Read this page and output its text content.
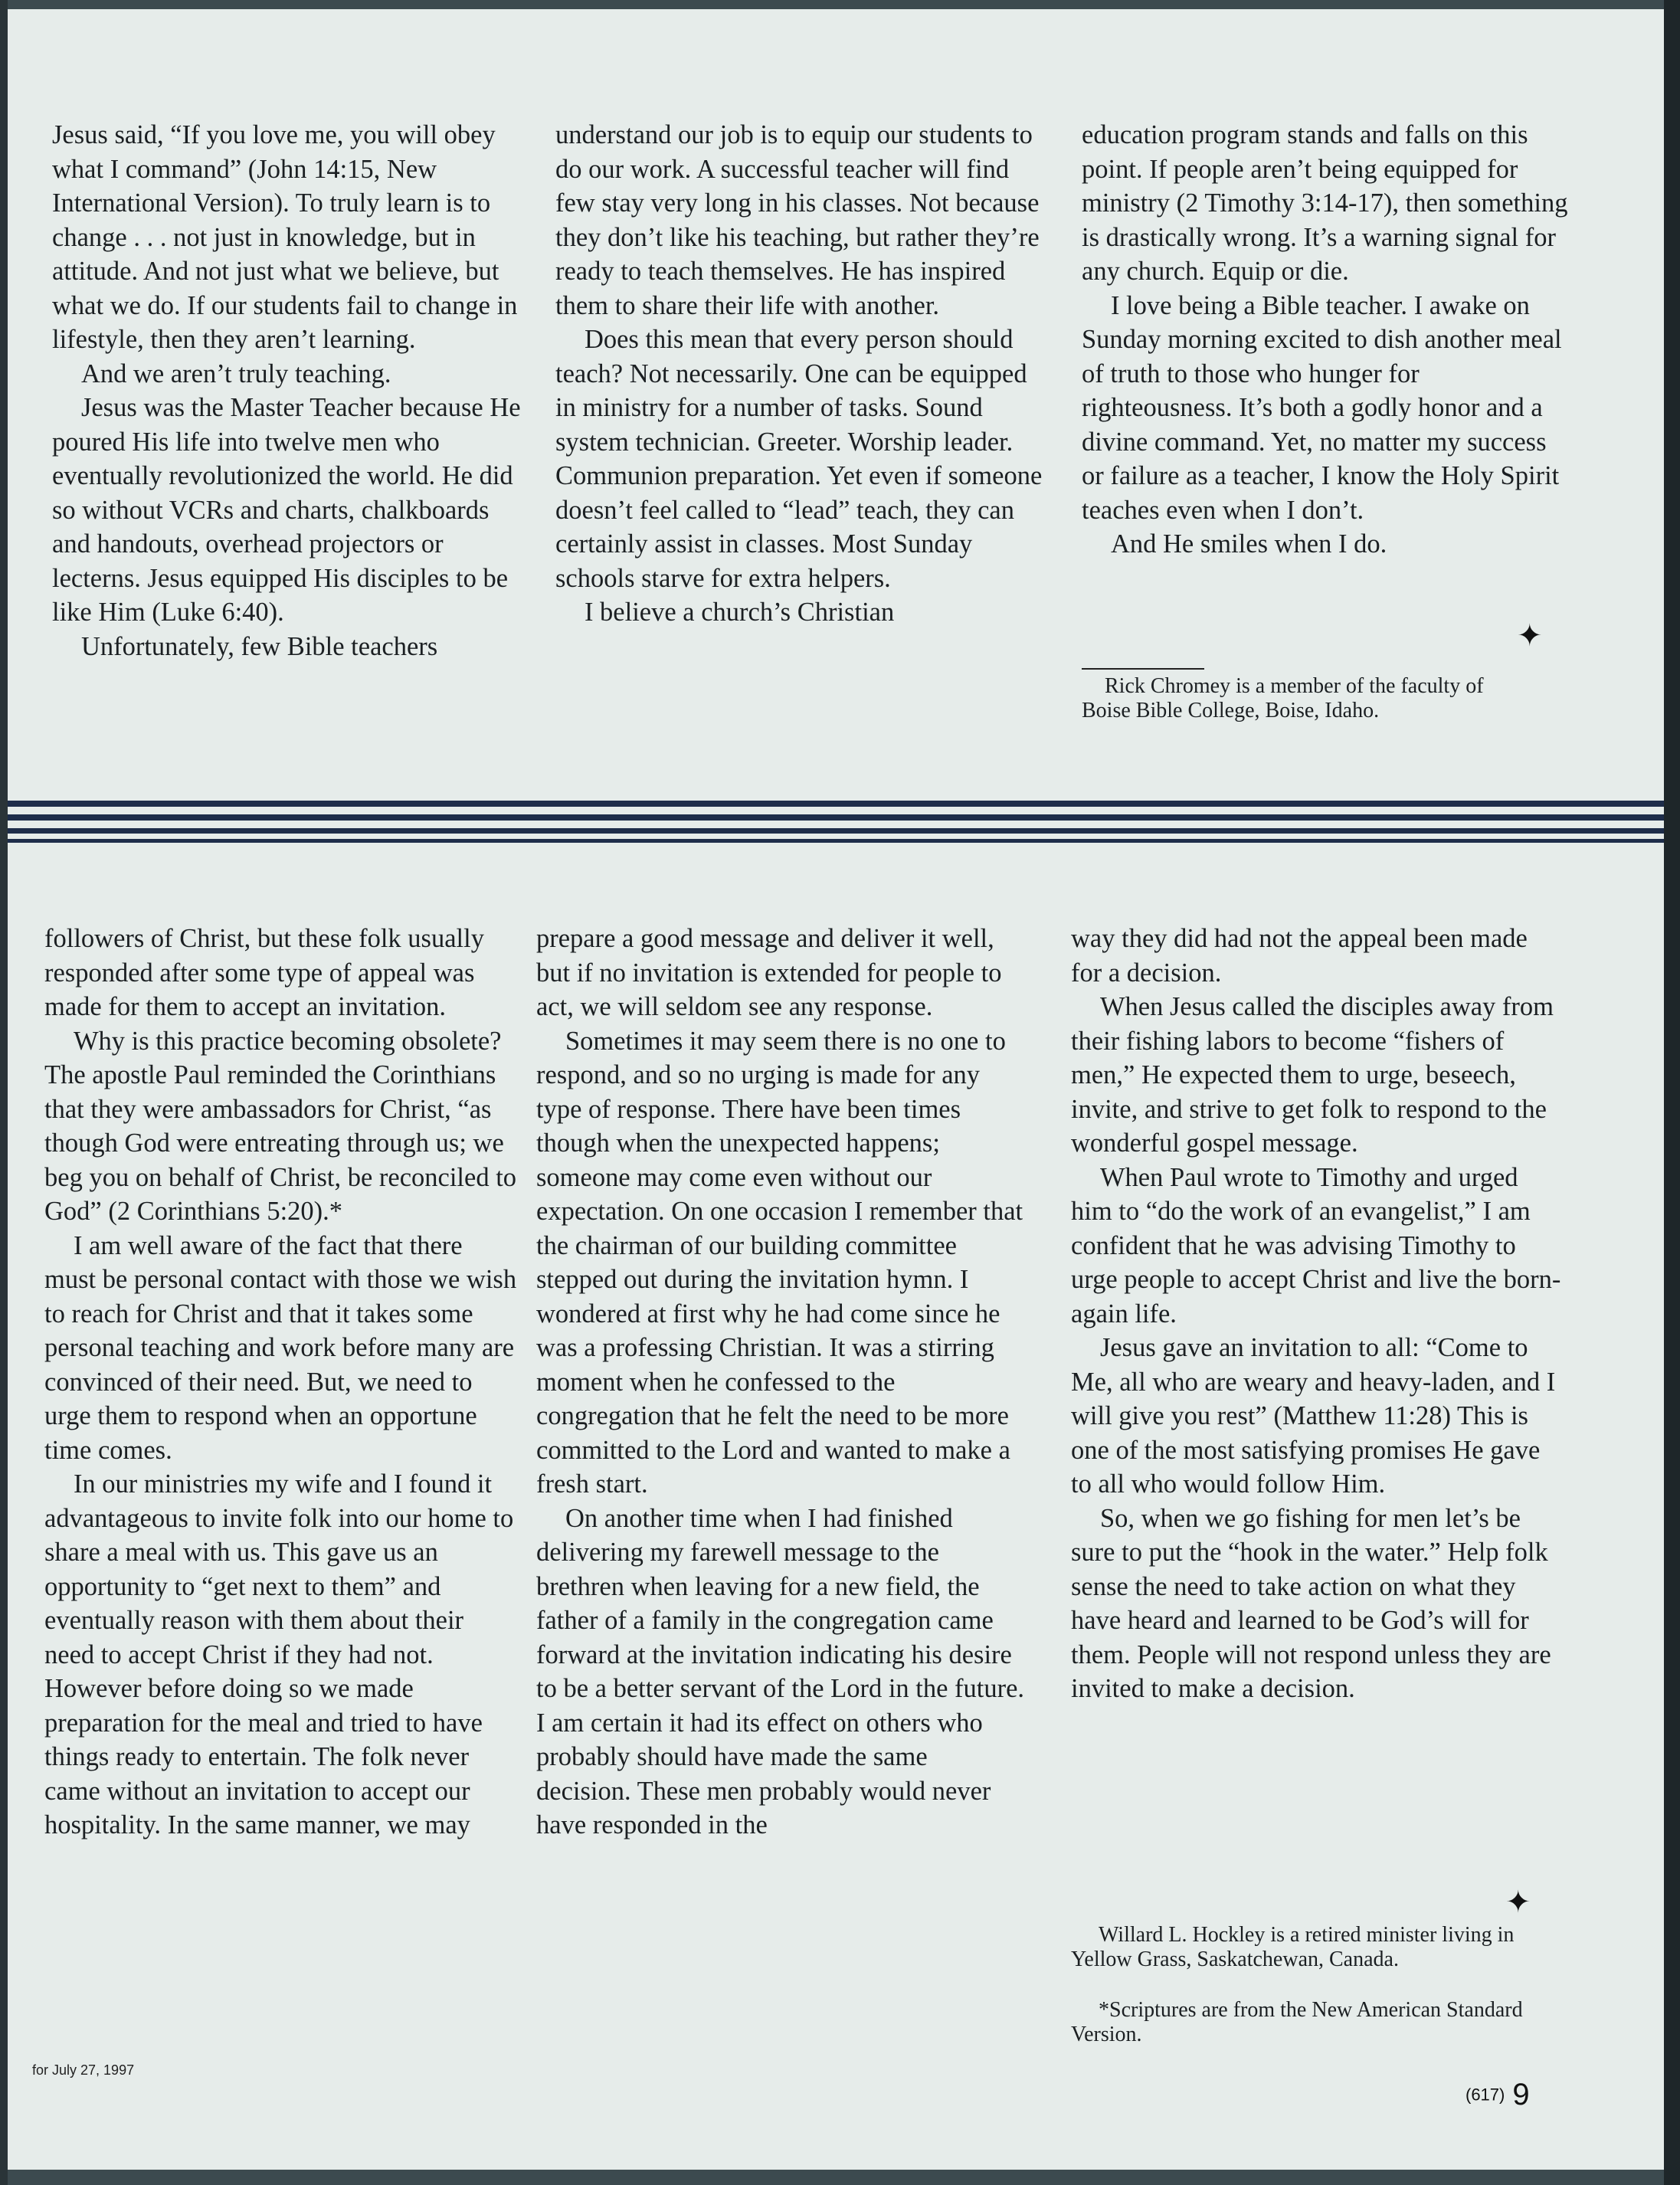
Jesus said, “If you love me, you will obey what I command” (John 14:15, New International Version). To truly learn is to change . . . not just in knowledge, but in attitude. And not just what we believe, but what we do. If our students fail to change in lifestyle, then they aren’t learning.

And we aren’t truly teaching.

Jesus was the Master Teacher because He poured His life into twelve men who eventually revolutionized the world. He did so without VCRs and charts, chalkboards and handouts, overhead projectors or lecterns. Jesus equipped His disciples to be like Him (Luke 6:40).

Unfortunately, few Bible teachers

understand our job is to equip our students to do our work. A successful teacher will find few stay very long in his classes. Not because they don’t like his teaching, but rather they’re ready to teach themselves. He has inspired them to share their life with another.

Does this mean that every person should teach? Not necessarily. One can be equipped in ministry for a number of tasks. Sound system technician. Greeter. Worship leader. Communion preparation. Yet even if someone doesn’t feel called to “lead” teach, they can certainly assist in classes. Most Sunday schools starve for extra helpers.

I believe a church’s Christian

education program stands and falls on this point. If people aren’t being equipped for ministry (2 Timothy 3:14-17), then something is drastically wrong. It’s a warning signal for any church. Equip or die.

I love being a Bible teacher. I awake on Sunday morning excited to dish another meal of truth to those who hunger for righteousness. It’s both a godly honor and a divine command. Yet, no matter my success or failure as a teacher, I know the Holy Spirit teaches even when I don’t.

And He smiles when I do.

✦
Rick Chromey is a member of the faculty of Boise Bible College, Boise, Idaho.

followers of Christ, but these folk usually responded after some type of appeal was made for them to accept an invitation.

Why is this practice becoming obsolete? The apostle Paul reminded the Corinthians that they were ambassadors for Christ, “as though God were entreating through us; we beg you on behalf of Christ, be reconciled to God” (2 Corinthians 5:20).*

I am well aware of the fact that there must be personal contact with those we wish to reach for Christ and that it takes some personal teaching and work before many are convinced of their need. But, we need to urge them to respond when an opportune time comes.

In our ministries my wife and I found it advantageous to invite folk into our home to share a meal with us. This gave us an opportunity to “get next to them” and eventually reason with them about their need to accept Christ if they had not. However before doing so we made preparation for the meal and tried to have things ready to entertain. The folk never came without an invitation to accept our hospitality. In the same manner, we may

prepare a good message and deliver it well, but if no invitation is extended for people to act, we will seldom see any response.

Sometimes it may seem there is no one to respond, and so no urging is made for any type of response. There have been times though when the unexpected happens; someone may come even without our expectation. On one occasion I remember that the chairman of our building committee stepped out during the invitation hymn. I wondered at first why he had come since he was a professing Christian. It was a stirring moment when he confessed to the congregation that he felt the need to be more committed to the Lord and wanted to make a fresh start.

On another time when I had finished delivering my farewell message to the brethren when leaving for a new field, the father of a family in the congregation came forward at the invitation indicating his desire to be a better servant of the Lord in the future. I am certain it had its effect on others who probably should have made the same decision. These men probably would never have responded in the

way they did had not the appeal been made for a decision.

When Jesus called the disciples away from their fishing labors to become “fishers of men,” He expected them to urge, beseech, invite, and strive to get folk to respond to the wonderful gospel message.

When Paul wrote to Timothy and urged him to “do the work of an evangelist,” I am confident that he was advising Timothy to urge people to accept Christ and live the born-again life.

Jesus gave an invitation to all: “Come to Me, all who are weary and heavy-laden, and I will give you rest” (Matthew 11:28) This is one of the most satisfying promises He gave to all who would follow Him.

So, when we go fishing for men let’s be sure to put the “hook in the water.” Help folk sense the need to take action on what they have heard and learned to be God’s will for them. People will not respond unless they are invited to make a decision.

✦
Willard L. Hockley is a retired minister living in Yellow Grass, Saskatchewan, Canada.
*Scriptures are from the New American Standard Version.
for July 27, 1997
(617) 9
